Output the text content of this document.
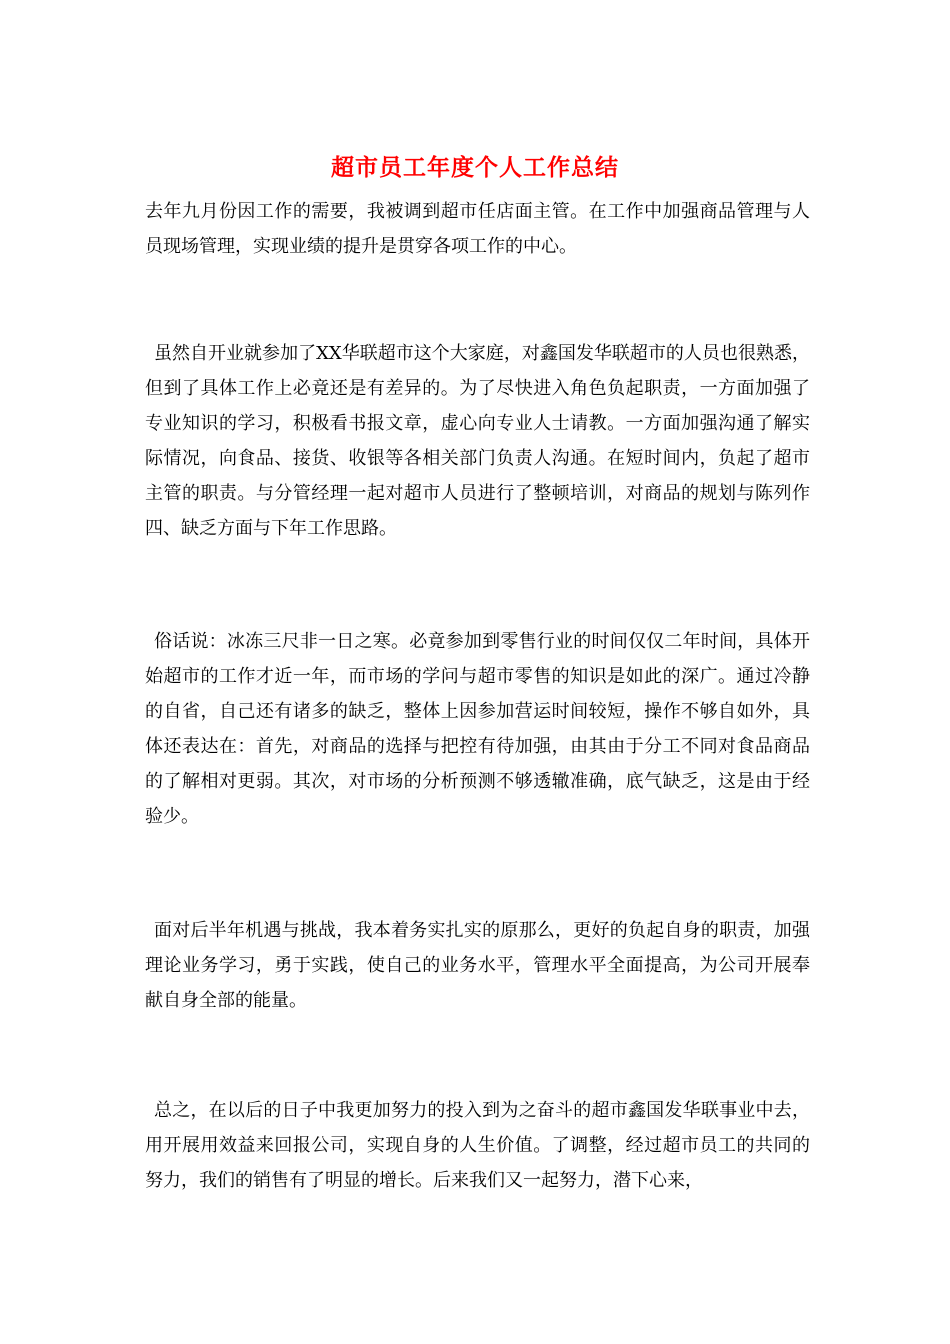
超市员工年度个人工作总结

去年九月份因工作的需要，我被调到超市任店面主管。在工作中加强商品管理与人员现场管理，实现业绩的提升是贯穿各项工作的中心。

虽然自开业就参加了XX华联超市这个大家庭，对鑫国发华联超市的人员也很熟悉，但到了具体工作上必竟还是有差异的。为了尽快进入角色负起职责，一方面加强了专业知识的学习，积极看书报文章，虚心向专业人士请教。一方面加强沟通了解实际情况，向食品、接货、收银等各相关部门负责人沟通。在短时间内，负起了超市主管的职责。与分管经理一起对超市人员进行了整顿培训，对商品的规划与陈列作四、缺乏方面与下年工作思路。

俗话说：冰冻三尺非一日之寒。必竟参加到零售行业的时间仅仅二年时间，具体开始超市的工作才近一年，而市场的学问与超市零售的知识是如此的深广。通过冷静的自省，自己还有诸多的缺乏，整体上因参加营运时间较短，操作不够自如外，具体还表达在：首先，对商品的选择与把控有待加强，由其由于分工不同对食品商品的了解相对更弱。其次，对市场的分析预测不够透辙准确，底气缺乏，这是由于经验少。

面对后半年机遇与挑战，我本着务实扎实的原那么，更好的负起自身的职责，加强理论业务学习，勇于实践，使自己的业务水平，管理水平全面提高，为公司开展奉献自身全部的能量。

总之，在以后的日子中我更加努力的投入到为之奋斗的超市鑫国发华联事业中去，用开展用效益来回报公司，实现自身的人生价值。了调整，经过超市员工的共同的努力，我们的销售有了明显的增长。后来我们又一起努力，潜下心来，
